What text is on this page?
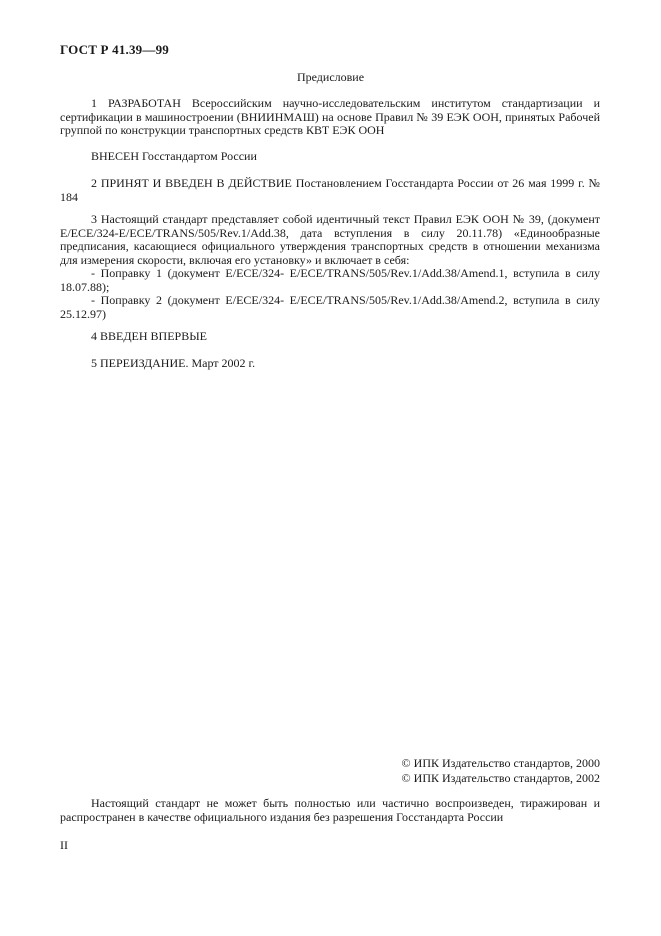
ГОСТ Р 41.39—99
Предисловие
1 РАЗРАБОТАН Всероссийским научно-исследовательским институтом стандартизации и сертификации в машиностроении (ВНИИНМАШ) на основе Правил № 39 ЕЭК ООН, принятых Рабочей группой по конструкции транспортных средств КВТ ЕЭК ООН
ВНЕСЕН Госстандартом России
2 ПРИНЯТ И ВВЕДЕН В ДЕЙСТВИЕ Постановлением Госстандарта России от 26 мая 1999 г. № 184
3 Настоящий стандарт представляет собой идентичный текст Правил ЕЭК ООН № 39, (документ E/ECE/324-E/ECE/TRANS/505/Rev.1/Add.38, дата вступления в силу 20.11.78) «Единообразные предписания, касающиеся официального утверждения транспортных средств в отношении механизма для измерения скорости, включая его установку» и включает в себя:
- Поправку 1 (документ E/ECE/324- E/ECE/TRANS/505/Rev.1/Add.38/Amend.1, вступила в силу 18.07.88);
- Поправку 2 (документ E/ECE/324- E/ECE/TRANS/505/Rev.1/Add.38/Amend.2, вступила в силу 25.12.97)
4 ВВЕДЕН ВПЕРВЫЕ
5 ПЕРЕИЗДАНИЕ. Март 2002 г.
© ИПК Издательство стандартов, 2000
© ИПК Издательство стандартов, 2002
Настоящий стандарт не может быть полностью или частично воспроизведен, тиражирован и распространен в качестве официального издания без разрешения Госстандарта России
II
